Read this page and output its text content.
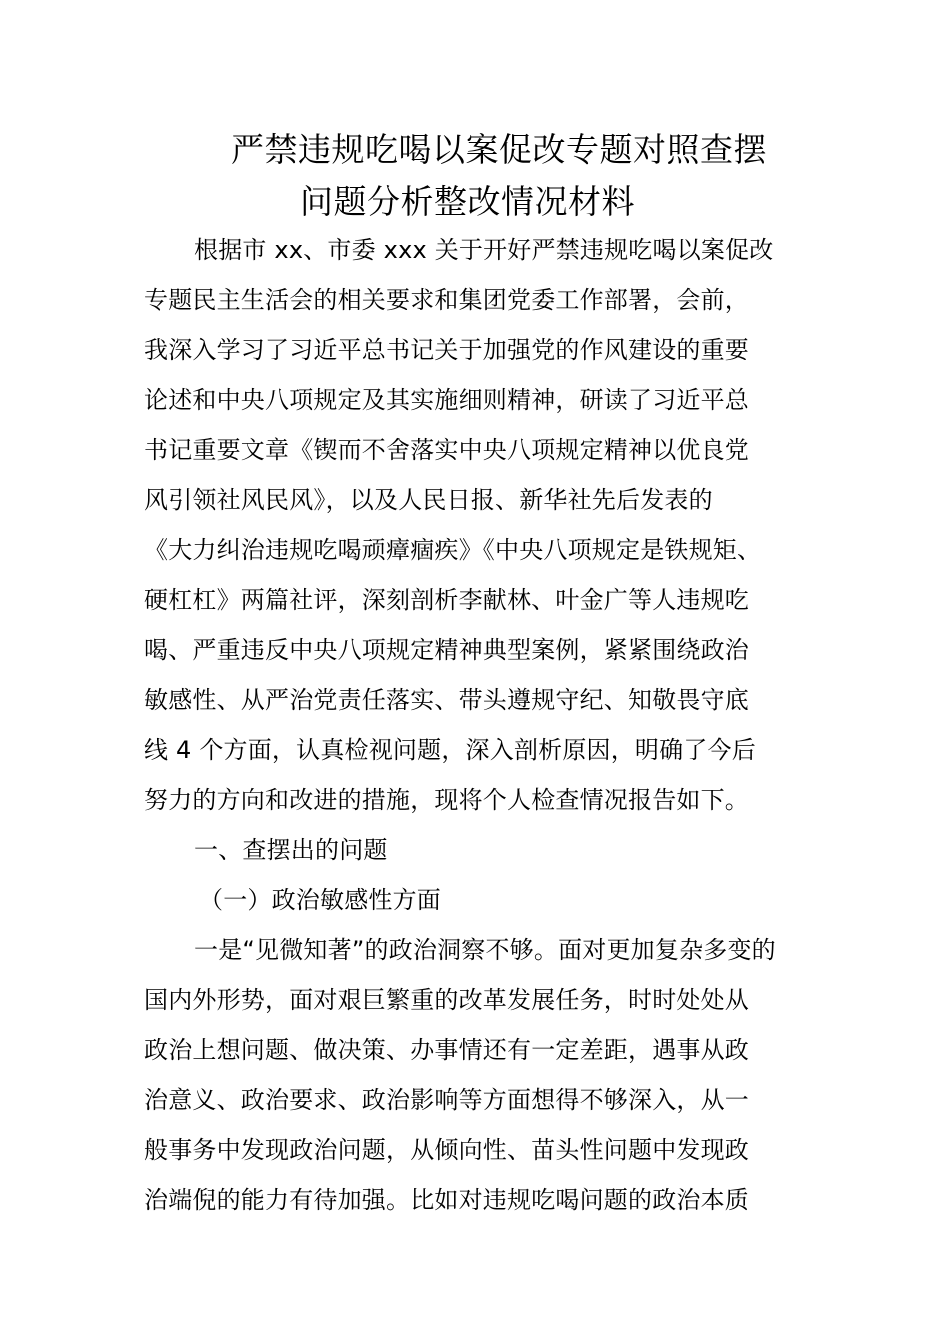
严禁违规吃喝以案促改专题对照查摆
问题分析整改情况材料
根据市 xx、市委 xxx 关于开好严禁违规吃喝以案促改
专题民主生活会的相关要求和集团党委工作部署，会前，
我深入学习了习近平总书记关于加强党的作风建设的重要
论述和中央八项规定及其实施细则精神，研读了习近平总
书记重要文章《锲而不舍落实中央八项规定精神以优良党
风引领社风民风》，以及人民日报、新华社先后发表的
《大力纠治违规吃喝顽瘴痼疾》《中央八项规定是铁规矩、
硬杠杠》两篇社评，深刻剖析李献林、叶金广等人违规吃
喝、严重违反中央八项规定精神典型案例，紧紧围绕政治
敏感性、从严治党责任落实、带头遵规守纪、知敬畏守底
线 4 个方面，认真检视问题，深入剖析原因，明确了今后
努力的方向和改进的措施，现将个人检查情况报告如下。
一、查摆出的问题
（一）政治敏感性方面
一是“见微知著”的政治洞察不够。面对更加复杂多变的
国内外形势，面对艰巨繁重的改革发展任务，时时处处从
政治上想问题、做决策、办事情还有一定差距，遇事从政
治意义、政治要求、政治影响等方面想得不够深入，从一
般事务中发现政治问题，从倾向性、苗头性问题中发现政
治端倪的能力有待加强。比如对违规吃喝问题的政治本质
